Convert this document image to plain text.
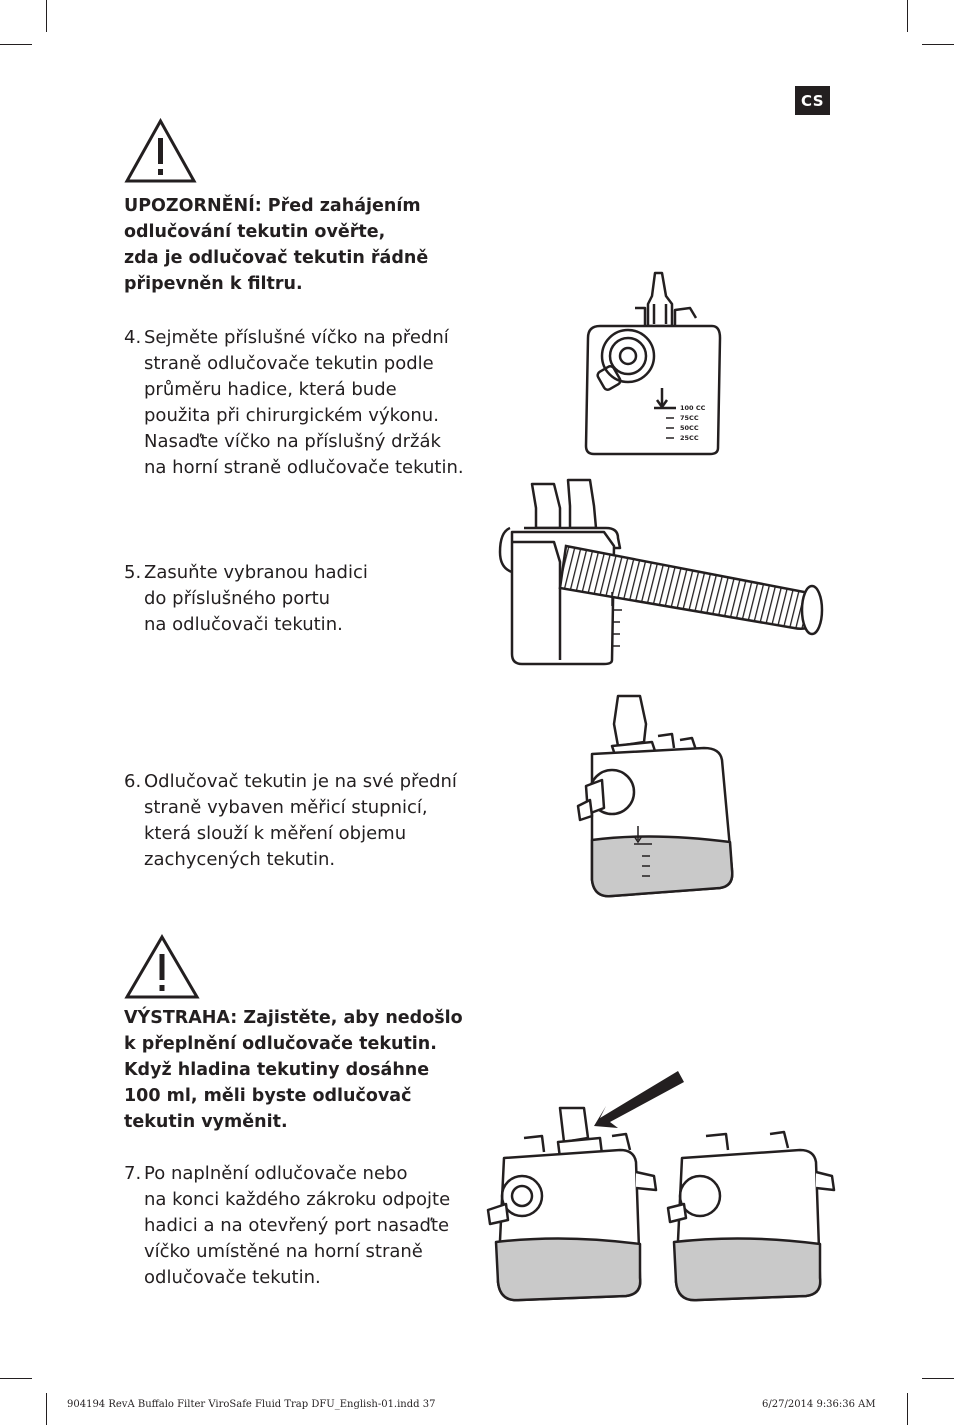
CS

UPOZORNĚNÍ: Před zahájením

odlučování tekutin ověřte,

zda je odlučovač tekutin řádně

připevněn k filtru.

4. Sejměte příslušné víčko na přední

straně odlučovače tekutin podle

průměru hadice, která bude

použita při chirurgickém výkonu.

Nasaďte víčko na příslušný držák

na horní straně odlučovače tekutin.

5. Zasuňte vybranou hadici

do příslušného portu

na odlučovači tekutin.

6. Odlučovač tekutin je na své přední

straně vybaven měřicí stupnicí,

která slouží k měření objemu

zachycených tekutin.

VÝSTRAHA: Zajistěte, aby nedošlo

k přeplnění odlučovače tekutin.

Když hladina tekutiny dosáhne

100 ml, měli byste odlučovač

tekutin vyměnit.

7. Po naplnění odlučovače nebo

na konci každého zákroku odpojte

hadici a na otevřený port nasaďte

víčko umístěné na horní straně

odlučovače tekutin.

100 CC
75CC
50CC
25CC
904194 RevA Buffalo Filter ViroSafe Fluid Trap DFU_English-01.indd 37	6/27/2014 9:36:36 AM
